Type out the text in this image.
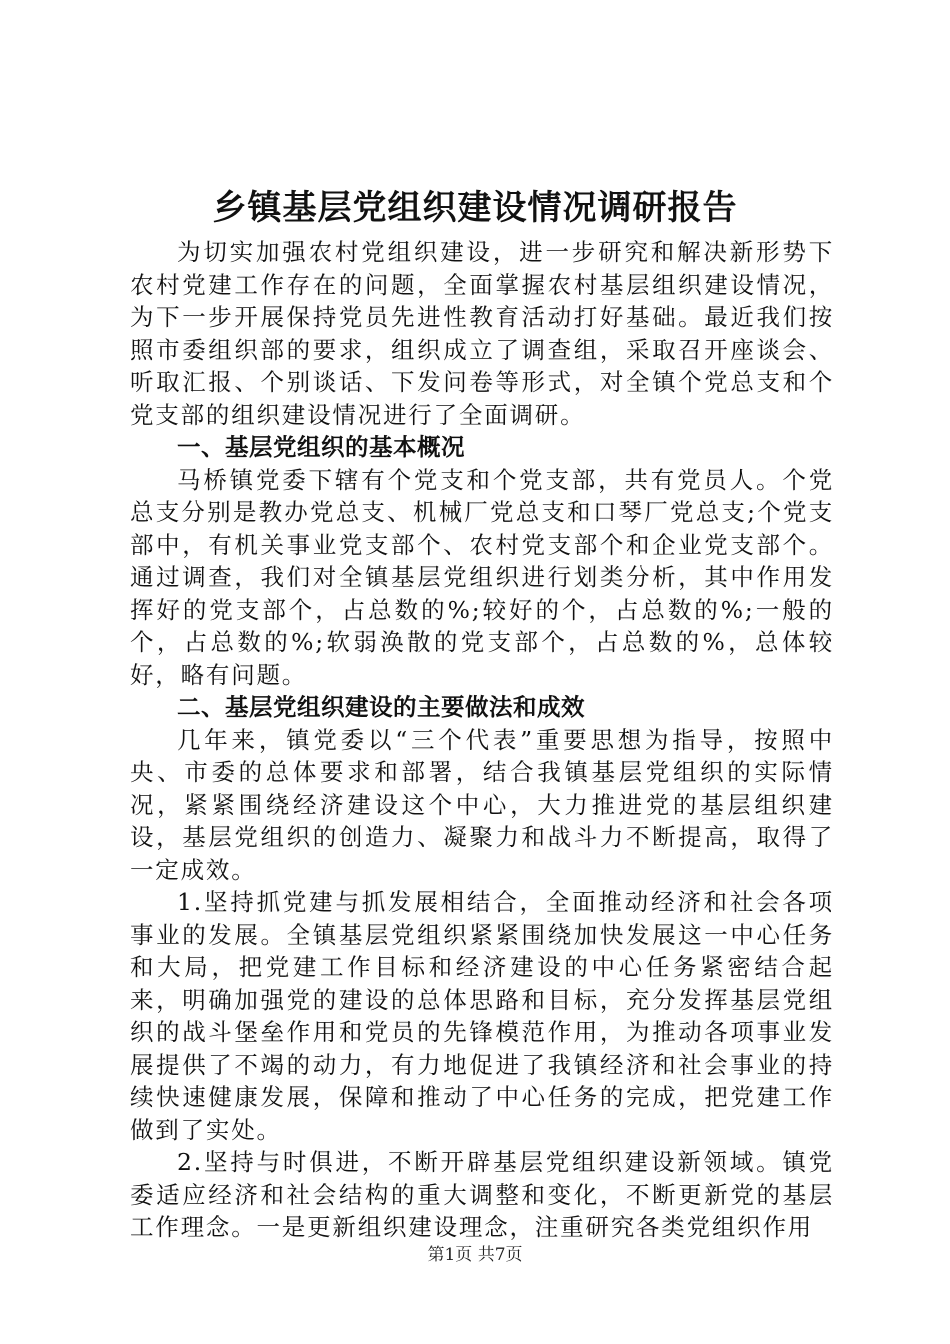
乡镇基层党组织建设情况调研报告

为切实加强农村党组织建设，进一步研究和解决新形势下农村党建工作存在的问题，全面掌握农村基层组织建设情况，为下一步开展保持党员先进性教育活动打好基础。最近我们按照市委组织部的要求，组织成立了调查组，采取召开座谈会、听取汇报、个别谈话、下发问卷等形式，对全镇个党总支和个党支部的组织建设情况进行了全面调研。

一、基层党组织的基本概况

马桥镇党委下辖有个党支和个党支部，共有党员人。个党总支分别是教办党总支、机械厂党总支和口琴厂党总支;个党支部中，有机关事业党支部个、农村党支部个和企业党支部个。通过调查，我们对全镇基层党组织进行划类分析，其中作用发挥好的党支部个，占总数的%;较好的个，占总数的%;一般的个，占总数的%;软弱涣散的党支部个，占总数的%，总体较好，略有问题。

二、基层党组织建设的主要做法和成效

几年来，镇党委以“三个代表”重要思想为指导，按照中央、市委的总体要求和部署，结合我镇基层党组织的实际情况，紧紧围绕经济建设这个中心，大力推进党的基层组织建设，基层党组织的创造力、凝聚力和战斗力不断提高，取得了一定成效。

1.坚持抓党建与抓发展相结合，全面推动经济和社会各项事业的发展。全镇基层党组织紧紧围绕加快发展这一中心任务和大局，把党建工作目标和经济建设的中心任务紧密结合起来，明确加强党的建设的总体思路和目标，充分发挥基层党组织的战斗堡垒作用和党员的先锋模范作用，为推动各项事业发展提供了不竭的动力，有力地促进了我镇经济和社会事业的持续快速健康发展，保障和推动了中心任务的完成，把党建工作做到了实处。

2.坚持与时俱进，不断开辟基层党组织建设新领域。镇党委适应经济和社会结构的重大调整和变化，不断更新党的基层工作理念。一是更新组织建设理念，注重研究各类党组织作用

第1页 共7页
